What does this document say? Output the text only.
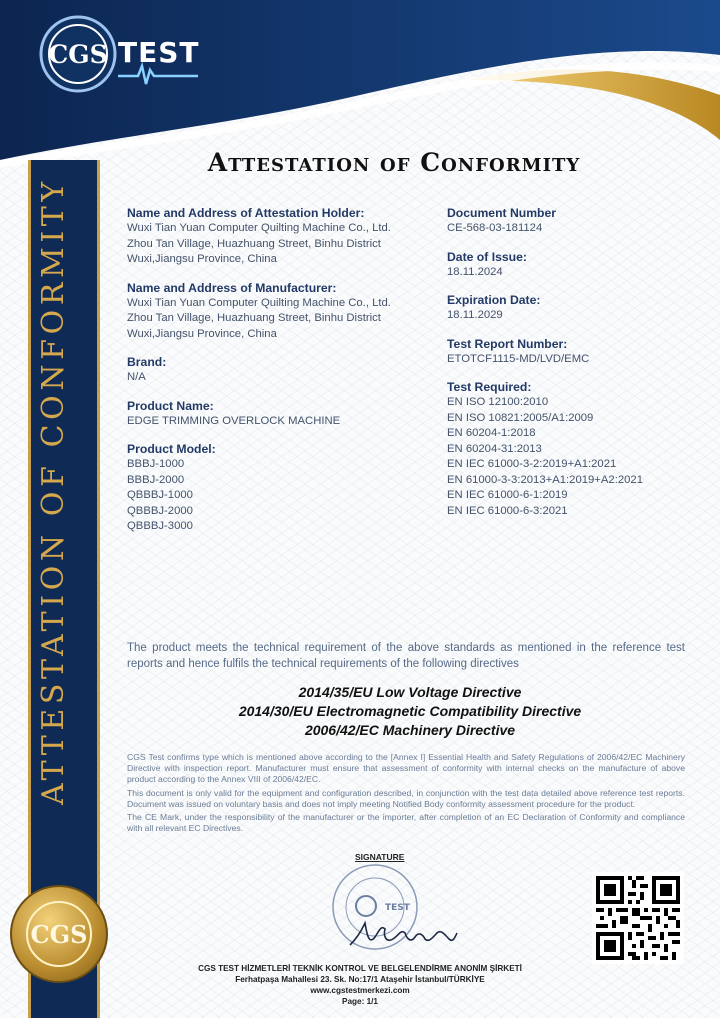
ATTESTATION OF CONFORMITY
CGS
CGS TEST
Attestation of Conformity
Name and Address of Attestation Holder:
Wuxi Tian Yuan Computer Quilting Machine Co., Ltd.
Zhou Tan Village, Huazhuang Street, Binhu District
Wuxi,Jiangsu Province, China
Name and Address of Manufacturer:
Wuxi Tian Yuan Computer Quilting Machine Co., Ltd.
Zhou Tan Village, Huazhuang Street, Binhu District
Wuxi,Jiangsu Province, China
Brand:
N/A
Product Name:
EDGE TRIMMING OVERLOCK MACHINE
Product Model:
BBBJ-1000
BBBJ-2000
QBBBJ-1000
QBBBJ-2000
QBBBJ-3000
Document Number
CE-568-03-181124
Date of Issue:
18.11.2024
Expiration Date:
18.11.2029
Test Report Number:
ETOTCF1115-MD/LVD/EMC
Test Required:
EN ISO 12100:2010
EN ISO 10821:2005/A1:2009
EN 60204-1:2018
EN 60204-31:2013
EN IEC 61000-3-2:2019+A1:2021
EN 61000-3-3:2013+A1:2019+A2:2021
EN IEC 61000-6-1:2019
EN IEC 61000-6-3:2021
The product meets the technical requirement of the above standards as mentioned in the reference test reports and hence fulfils the technical requirements of the following directives
2014/35/EU Low Voltage Directive
2014/30/EU Electromagnetic Compatibility Directive
2006/42/EC Machinery Directive

CGS Test confirms type which is mentioned above according to the [Annex I] Essential Health and Safety Regulations of 2006/42/EC Machinery Directive with inspection report. Manufacturer must ensure that assessment of conformity with internal checks on the manufacture of above product according to the Annex VIII of 2006/42/EC.

This document is only valid for the equipment and configuration described, in conjunction with the test data detailed above reference test reports. Document was issued on voluntary basis and does not imply meeting Notified Body conformity assessment procedure for the product.

The CE Mark, under the responsibility of the manufacturer or the importer, after completion of an EC Declaration of Conformity and compliance with all relevant EC Directives.

SIGNATURE
TEST
CGS TEST HİZMETLERİ TEKNİK KONTROL VE BELGELENDİRME ANONİM ŞİRKETİ
Ferhatpaşa Mahallesi 23. Sk. No:17/1 Ataşehir İstanbul/TÜRKİYE
www.cgstestmerkezi.com
Page: 1/1
